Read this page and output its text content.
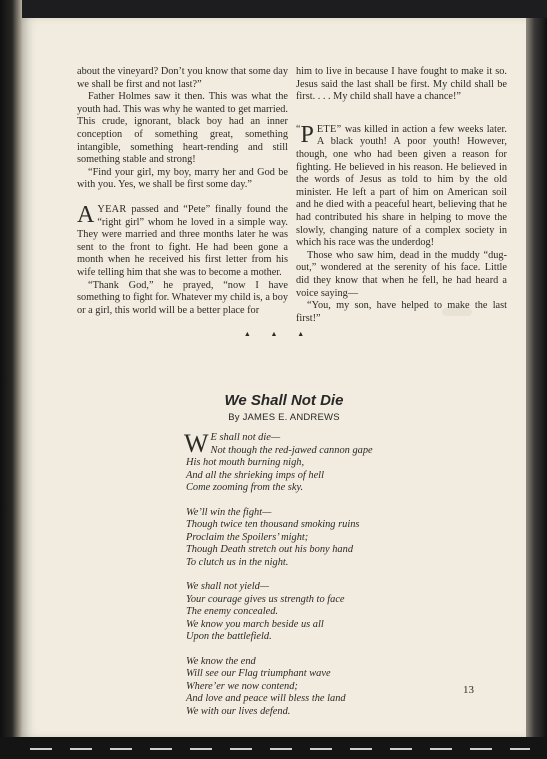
about the vineyard? Don’t you know that some day we shall be first and not last?”

Father Holmes saw it then. This was what the youth had. This was why he wanted to get married. This crude, ignorant, black boy had an inner conception of something great, something intangible, something heart-rending and still something stable and strong!

“Find your girl, my boy, marry her and God be with you. Yes, we shall be first some day.”

A YEAR passed and “Pete” finally found the “right girl” whom he loved in a simple way. They were married and three months later he was sent to the front to fight. He had been gone a month when he received his first letter from his wife telling him that she was to become a mother.

“Thank God,” he prayed, “now I have something to fight for. Whatever my child is, a boy or a girl, this world will be a better place for

him to live in because I have fought to make it so. Jesus said the last shall be first. My child shall be first. . . . My child shall have a chance!”

“ P ETE” was killed in action a few weeks later. A black youth! A poor youth! However, though, one who had been given a reason for fighting. He believed in his reason. He believed in the words of Jesus as told to him by the old minister. He left a part of him on American soil and he died with a peaceful heart, believing that he had contributed his share in helping to move the slowly, changing nature of a complex society in which his race was the underdog!

Those who saw him, dead in the muddy “dug-out,” wondered at the serenity of his face. Little did they know that when he fell, he had heard a voice saying—

“You, my son, have helped to make the last first!”

▲	▲	▲
We Shall Not Die
By JAMES E. ANDREWS
W E shall not die—
Not though the red-jawed cannon gape
His hot mouth burning nigh,
And all the shrieking imps of hell
Come zooming from the sky.
We’ll win the fight—
Though twice ten thousand smoking ruins
Proclaim the Spoilers’ might;
Though Death stretch out his bony hand
To clutch us in the night.
We shall not yield—
Your courage gives us strength to face
The enemy concealed.
We know you march beside us all
Upon the battlefield.
We know the end
Will see our Flag triumphant wave
Where’er we now contend;
And love and peace will bless the land
We with our lives defend.
13
